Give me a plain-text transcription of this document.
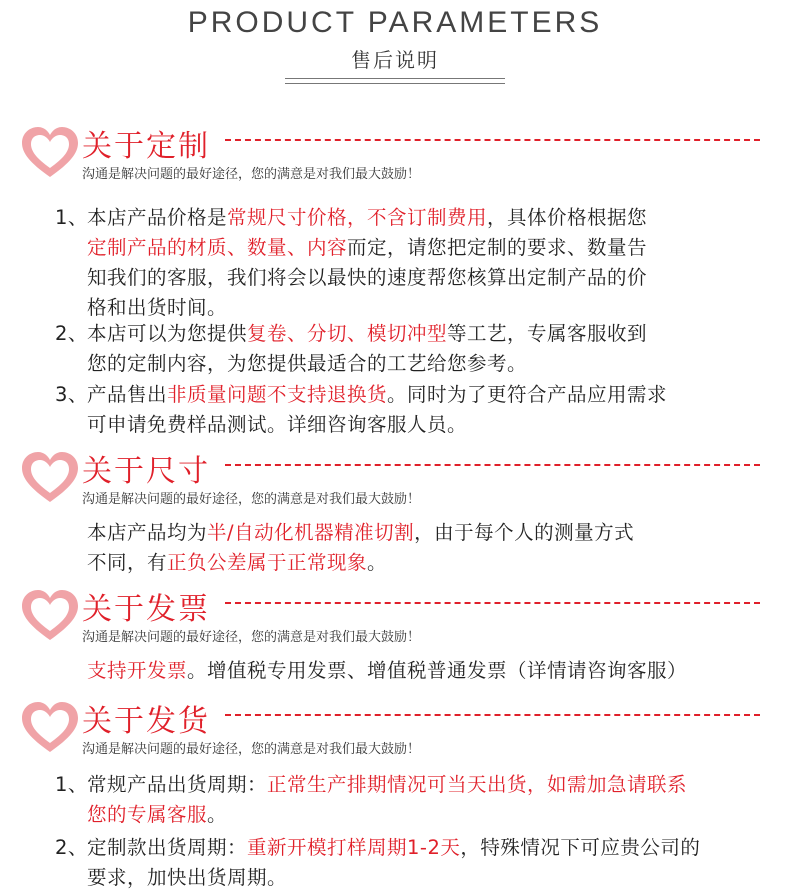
PRODUCT PARAMETERS
售后说明
关于定制
沟通是解决问题的最好途径，您的满意是对我们最大鼓励！
1、 本店产品价格是常规尺寸价格，不含订制费用，具体价格根据您
定制产品的材质、数量、内容而定，请您把定制的要求、数量告
知我们的客服，我们将会以最快的速度帮您核算出定制产品的价
格和出货时间。
2、 本店可以为您提供复卷、分切、模切冲型等工艺，专属客服收到
您的定制内容，为您提供最适合的工艺给您参考。
3、 产品售出非质量问题不支持退换货。同时为了更符合产品应用需求
可申请免费样品测试。详细咨询客服人员。
关于尺寸
沟通是解决问题的最好途径，您的满意是对我们最大鼓励！
本店产品均为半/自动化机器精准切割，由于每个人的测量方式
不同，有正负公差属于正常现象。
关于发票
沟通是解决问题的最好途径，您的满意是对我们最大鼓励！
支持开发票。增值税专用发票、增值税普通发票（详情请咨询客服）
关于发货
沟通是解决问题的最好途径，您的满意是对我们最大鼓励！
1、 常规产品出货周期：正常生产排期情况可当天出货，如需加急请联系
您的专属客服。
2、 定制款出货周期：重新开模打样周期1-2天，特殊情况下可应贵公司的
要求，加快出货周期。
